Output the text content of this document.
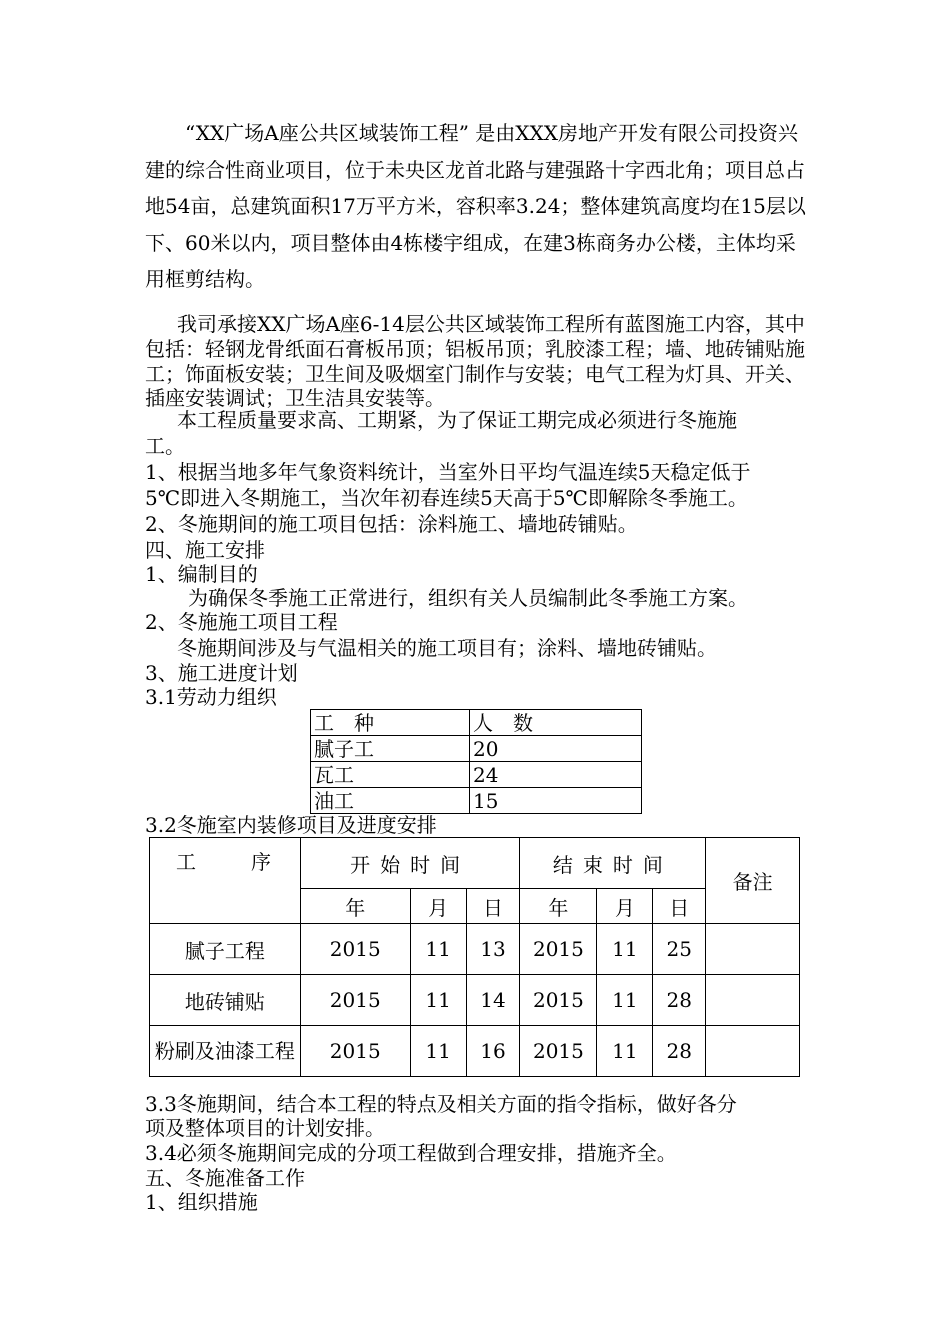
“XX广场A座公共区域装饰工程” 是由XXX房地产开发有限公司投资兴建的综合性商业项目，位于未央区龙首北路与建强路十字西北角；项目总占地54亩，总建筑面积17万平方米，容积率3.24；整体建筑高度均在15层以下、60米以内，项目整体由4栋楼宇组成，在建3栋商务办公楼，主体均采用框剪结构。
我司承接XX广场A座6-14层公共区域装饰工程所有蓝图施工内容，其中包括：轻钢龙骨纸面石膏板吊顶；铝板吊顶；乳胶漆工程；墙、地砖铺贴施工；饰面板安装；卫生间及吸烟室门制作与安装；电气工程为灯具、开关、插座安装调试；卫生洁具安装等。
本工程质量要求高、工期紧，为了保证工期完成必须进行冬施施
工。
1、根据当地多年气象资料统计，当室外日平均气温连续5天稳定低于
5℃即进入冬期施工，当次年初春连续5天高于5℃即解除冬季施工。
2、冬施期间的施工项目包括：涂料施工、墙地砖铺贴。
四、施工安排
1、编制目的
为确保冬季施工正常进行，组织有关人员编制此冬季施工方案。
2、冬施施工项目工程
冬施期间涉及与气温相关的施工项目有；涂料、墙地砖铺贴。
3、施工进度计划
3.1劳动力组织
工　种	人　数
腻子工	20
瓦工	24
油工	15
3.2冬施室内装修项目及进度安排
工 序	开始时间			结束时间			备注
	年	月	日	年	月	日	
腻子工程	2015	11	13	2015	11	25	
地砖铺贴	2015	11	14	2015	11	28	
粉刷及油漆工程	2015	11	16	2015	11	28	
3.3冬施期间，结合本工程的特点及相关方面的指令指标，做好各分
项及整体项目的计划安排。
3.4必须冬施期间完成的分项工程做到合理安排，措施齐全。
五、冬施准备工作
1、组织措施
